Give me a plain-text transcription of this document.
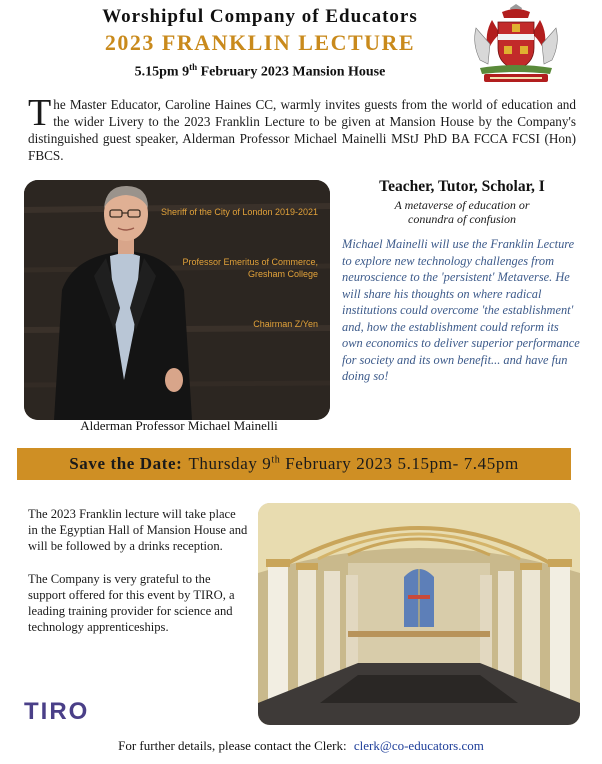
Worshipful Company of Educators
2023 FRANKLIN LECTURE
5.15pm 9th February 2023 Mansion House
The Master Educator, Caroline Haines CC, warmly invites guests from the world of education and the wider Livery to the 2023 Franklin Lecture to be given at Mansion House by the Company's distinguished guest speaker, Alderman Professor Michael Mainelli MStJ PhD BA FCCA FCSI (Hon) FBCS.
Sheriff of the City of London 2019-2021
Professor Emeritus of Commerce,
Gresham College
Chairman Z/Yen
Alderman Professor Michael Mainelli
Teacher, Tutor, Scholar, I
A metaverse of education or
conundra of confusion
Michael Mainelli will use the Franklin Lecture to explore new technology challenges from neuroscience to the 'persistent' Metaverse. He will share his thoughts on where radical institutions could overcome 'the establishment' and, how the establishment could reform its own economics to deliver superior performance for society and its own benefit... and have fun doing so!
Save the Date: Thursday 9th February 2023 5.15pm- 7.45pm

The 2023 Franklin lecture will take place in the Egyptian Hall of Mansion House and will be followed by a drinks reception.

The Company is very grateful to the support offered for this event by TIRO, a leading training provider for science and technology apprenticeships.

TIRO
For further details, please contact the Clerk: clerk@co-educators.com
